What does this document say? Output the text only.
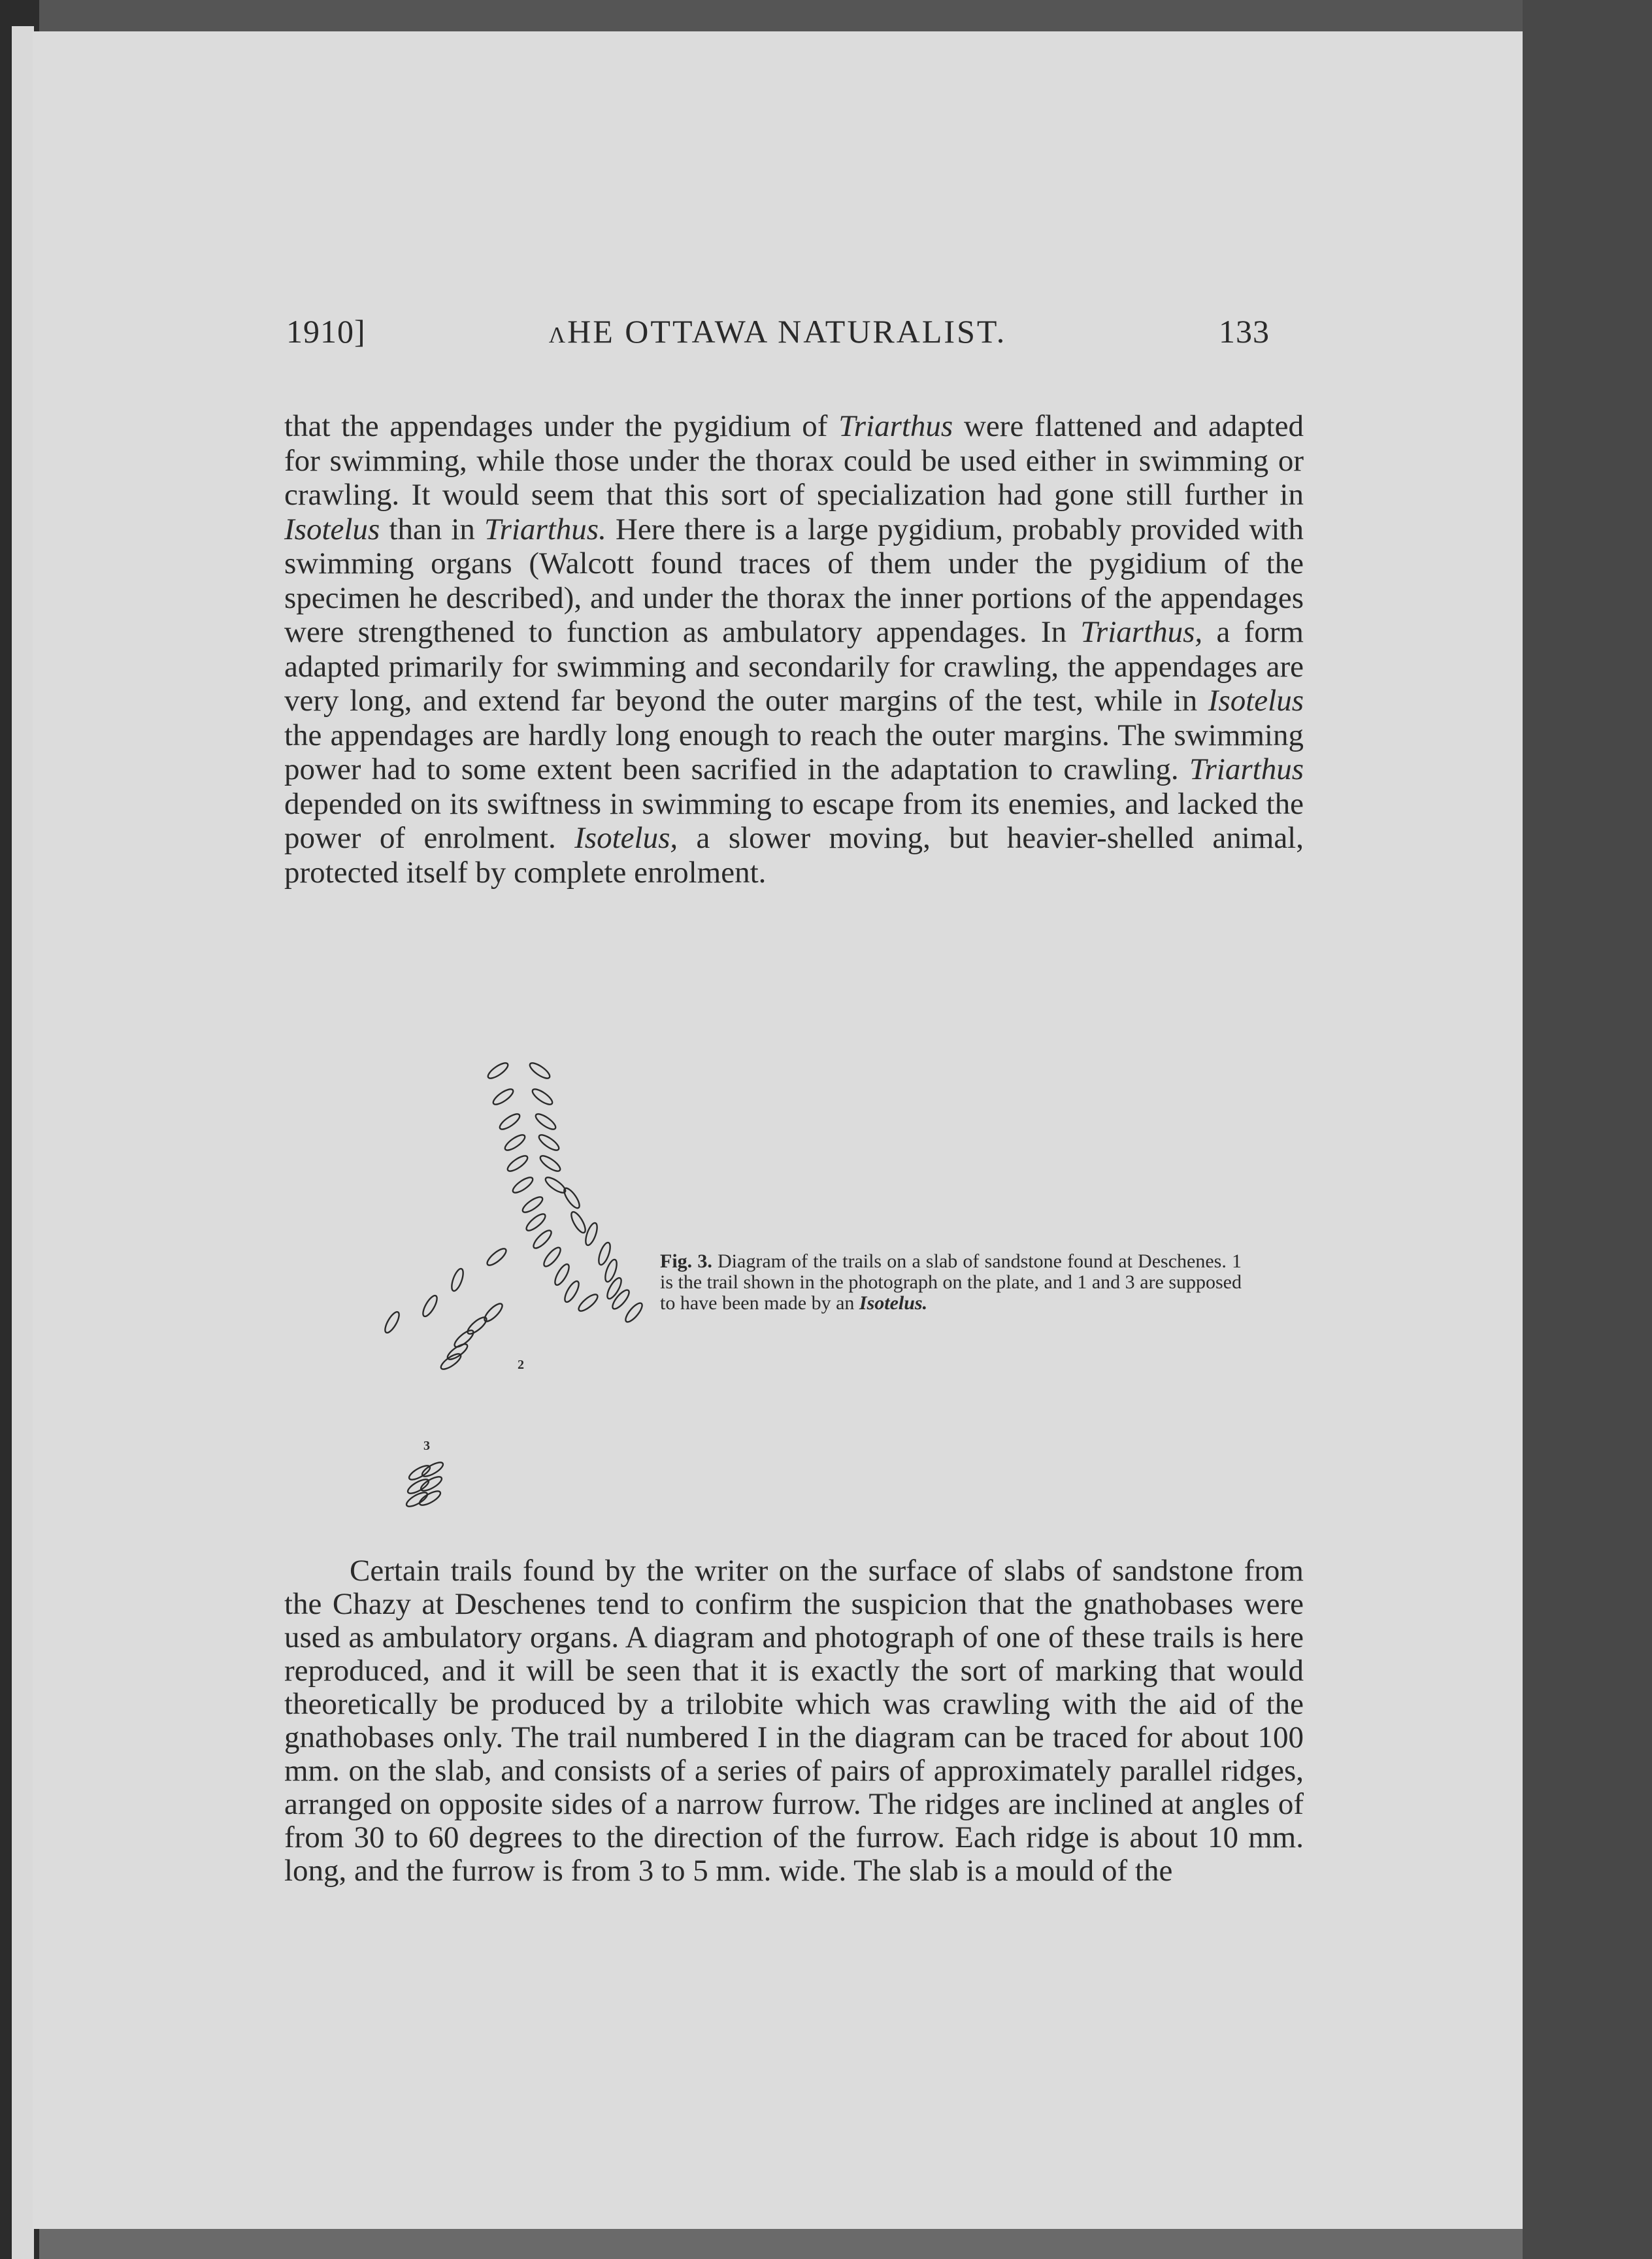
1910]	ʌHE OTTAWA NATURALIST.	133

that the appendages under the pygidium of Triarthus were flattened and adapted for swimming, while those under the thorax could be used either in swimming or crawling. It would seem that this sort of specialization had gone still further in Isotelus than in Triarthus. Here there is a large pygidium, probably provided with swimming organs (Walcott found traces of them under the pygidium of the specimen he described), and under the thorax the inner portions of the appendages were strengthened to function as ambulatory appendages. In Triarthus, a form adapted primarily for swimming and secondarily for crawling, the appendages are very long, and extend far beyond the outer margins of the test, while in Isotelus the appendages are hardly long enough to reach the outer margins. The swimming power had to some extent been sacrified in the adaptation to crawling. Triarthus depended on its swiftness in swimming to escape from its enemies, and lacked the power of enrolment. Isotelus, a slower moving, but heavier-shelled animal, protected itself by complete enrolment.

2
3

Fig. 3. Diagram of the trails on a slab of sandstone found at Deschenes. 1 is the trail shown in the photograph on the plate, and 1 and 3 are supposed to have been made by an Isotelus.

Certain trails found by the writer on the surface of slabs of sandstone from the Chazy at Deschenes tend to confirm the suspicion that the gnathobases were used as ambulatory organs. A diagram and photograph of one of these trails is here reproduced, and it will be seen that it is exactly the sort of marking that would theoretically be produced by a trilobite which was crawling with the aid of the gnathobases only. The trail numbered I in the diagram can be traced for about 100 mm. on the slab, and consists of a series of pairs of approximately parallel ridges, arranged on opposite sides of a narrow furrow. The ridges are inclined at angles of from 30 to 60 degrees to the direction of the furrow. Each ridge is about 10 mm. long, and the furrow is from 3 to 5 mm. wide. The slab is a mould of the
